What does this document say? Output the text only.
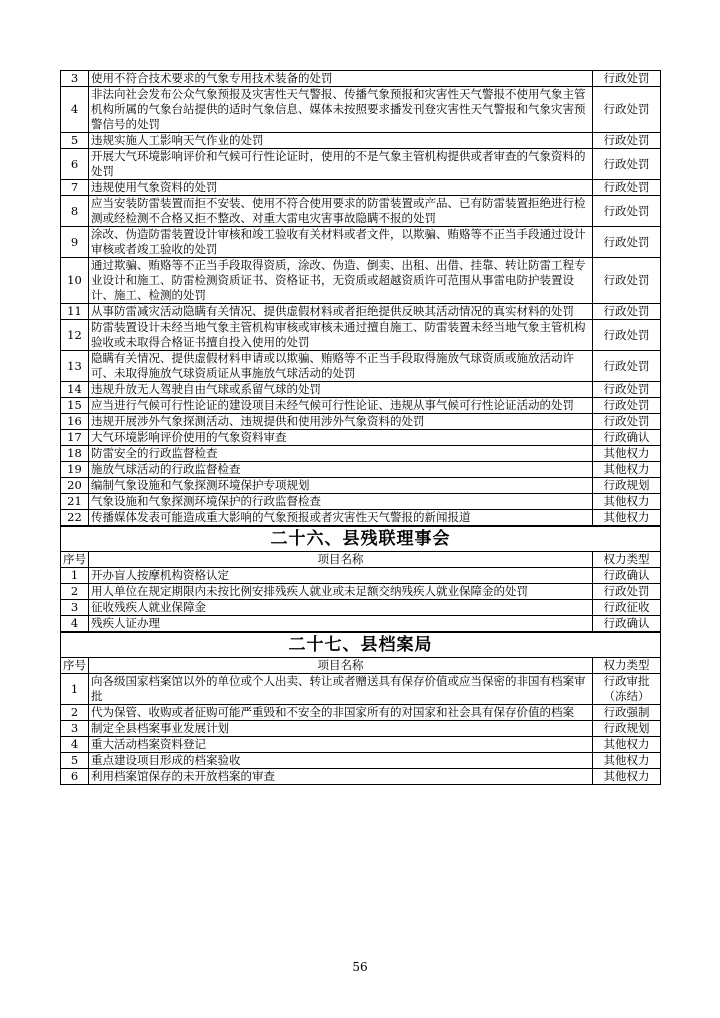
3	使用不符合技术要求的气象专用技术装备的处罚	行政处罚
4	非法向社会发布公众气象预报及灾害性天气警报、传播气象预报和灾害性天气警报不使用气象主管机构所属的气象台站提供的适时气象信息、媒体未按照要求播发刊登灾害性天气警报和气象灾害预警信号的处罚	行政处罚
5	违规实施人工影响天气作业的处罚	行政处罚
6	开展大气环境影响评价和气候可行性论证时，使用的不是气象主管机构提供或者审查的气象资料的处罚	行政处罚
7	违规使用气象资料的处罚	行政处罚
8	应当安装防雷装置而拒不安装、使用不符合使用要求的防雷装置或产品、已有防雷装置拒绝进行检测或经检测不合格又拒不整改、对重大雷电灾害事故隐瞒不报的处罚	行政处罚
9	涂改、伪造防雷装置设计审核和竣工验收有关材料或者文件，以欺骗、贿赂等不正当手段通过设计审核或者竣工验收的处罚	行政处罚
10	通过欺骗、贿赂等不正当手段取得资质，涂改、伪造、倒卖、出租、出借、挂靠、转让防雷工程专业设计和施工、防雷检测资质证书、资格证书，无资质或超越资质许可范围从事雷电防护装置设计、施工、检测的处罚	行政处罚
11	从事防雷减灾活动隐瞒有关情况、提供虚假材料或者拒绝提供反映其活动情况的真实材料的处罚	行政处罚
12	防雷装置设计未经当地气象主管机构审核或审核未通过擅自施工、防雷装置未经当地气象主管机构验收或未取得合格证书擅自投入使用的处罚	行政处罚
13	隐瞒有关情况、提供虚假材料申请或以欺骗、贿赂等不正当手段取得施放气球资质或施放活动许可、未取得施放气球资质证从事施放气球活动的处罚	行政处罚
14	违规升放无人驾驶自由气球或系留气球的处罚	行政处罚
15	应当进行气候可行性论证的建设项目未经气候可行性论证、违规从事气候可行性论证活动的处罚	行政处罚
16	违规开展涉外气象探测活动、违规提供和使用涉外气象资料的处罚	行政处罚
17	大气环境影响评价使用的气象资料审查	行政确认
18	防雷安全的行政监督检查	其他权力
19	施放气球活动的行政监督检查	其他权力
20	编制气象设施和气象探测环境保护专项规划	行政规划
21	气象设施和气象探测环境保护的行政监督检查	其他权力
22	传播媒体发表可能造成重大影响的气象预报或者灾害性天气警报的新闻报道	其他权力
二十六、县残联理事会		
序号	项目名称	权力类型
1	开办盲人按摩机构资格认定	行政确认
2	用人单位在规定期限内未按比例安排残疾人就业或未足额交纳残疾人就业保障金的处罚	行政处罚
3	征收残疾人就业保障金	行政征收
4	残疾人证办理	行政确认
二十七、县档案局		
序号	项目名称	权力类型
1	向各级国家档案馆以外的单位或个人出卖、转让或者赠送具有保存价值或应当保密的非国有档案审批	行政审批（冻结）
2	代为保管、收购或者征购可能严重毁和不安全的非国家所有的对国家和社会具有保存价值的档案	行政强制
3	制定全县档案事业发展计划	行政规划
4	重大活动档案资料登记	其他权力
5	重点建设项目形成的档案验收	其他权力
6	利用档案馆保存的未开放档案的审查	其他权力
56
